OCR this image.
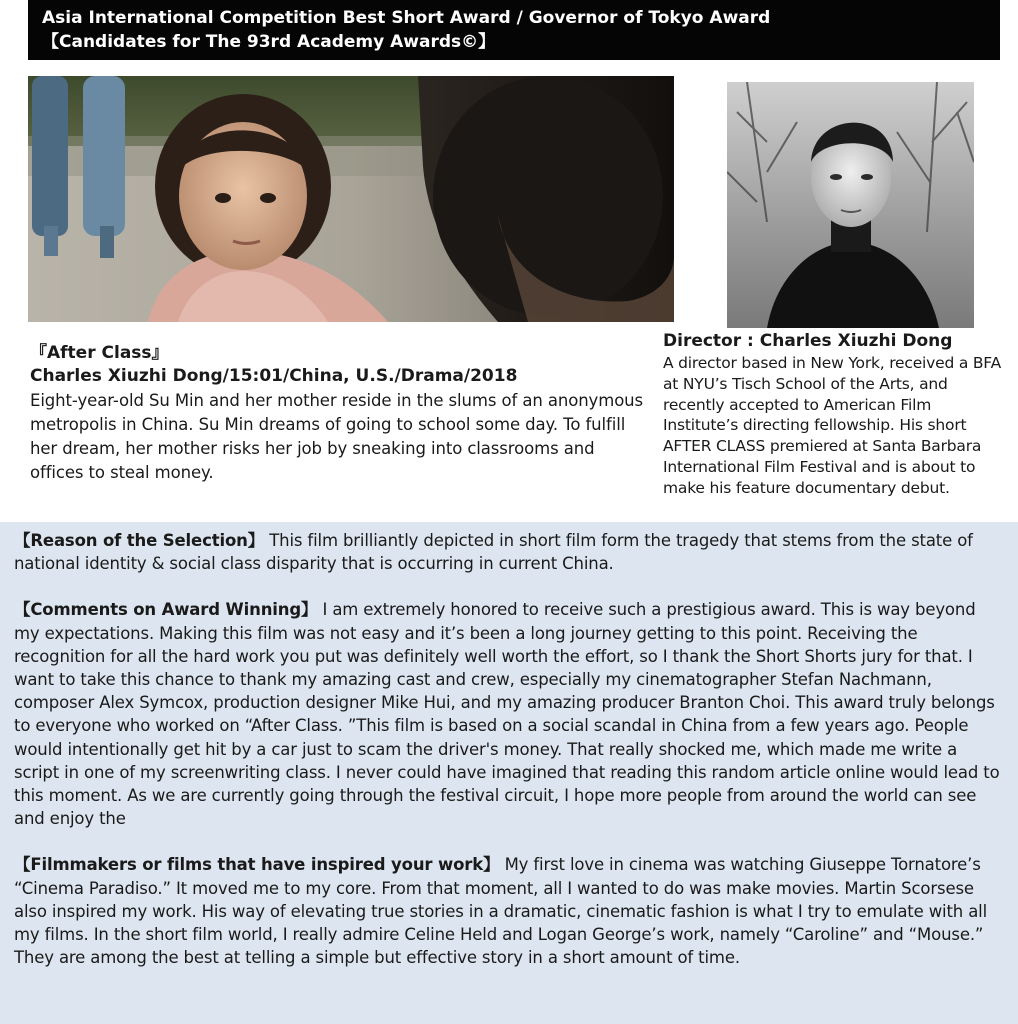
Asia International Competition Best Short Award / Governor of Tokyo Award
【Candidates for The 93rd Academy Awards©】
『After Class』
Charles Xiuzhi Dong/15:01/China, U.S./Drama/2018
Eight-year-old Su Min and her mother reside in the slums of an anonymous metropolis in China. Su Min dreams of going to school some day. To fulfill her dream, her mother risks her job by sneaking into classrooms and offices to steal money.
Director : Charles Xiuzhi Dong
A director based in New York, received a BFA at NYU’s Tisch School of the Arts, and recently accepted to American Film Institute’s directing fellowship. His short AFTER CLASS premiered at Santa Barbara International Film Festival and is about to make his feature documentary debut.

【Reason of the Selection】 This film brilliantly depicted in short film form the tragedy that stems from the state of national identity & social class disparity that is occurring in current China.

【Comments on Award Winning】 I am extremely honored to receive such a prestigious award. This is way beyond my expectations. Making this film was not easy and it’s been a long journey getting to this point. Receiving the recognition for all the hard work you put was definitely well worth the effort, so I thank the Short Shorts jury for that. I want to take this chance to thank my amazing cast and crew, especially my cinematographer Stefan Nachmann, composer Alex Symcox, production designer Mike Hui, and my amazing producer Branton Choi. This award truly belongs to everyone who worked on “After Class. ”This film is based on a social scandal in China from a few years ago. People would intentionally get hit by a car just to scam the driver's money. That really shocked me, which made me write a script in one of my screenwriting class. I never could have imagined that reading this random article online would lead to this moment. As we are currently going through the festival circuit, I hope more people from around the world can see and enjoy the

【Filmmakers or films that have inspired your work】 My first love in cinema was watching Giuseppe Tornatore’s “Cinema Paradiso.” It moved me to my core. From that moment, all I wanted to do was make movies. Martin Scorsese also inspired my work. His way of elevating true stories in a dramatic, cinematic fashion is what I try to emulate with all my films. In the short film world, I really admire Celine Held and Logan George’s work, namely “Caroline” and “Mouse.” They are among the best at telling a simple but effective story in a short amount of time.
